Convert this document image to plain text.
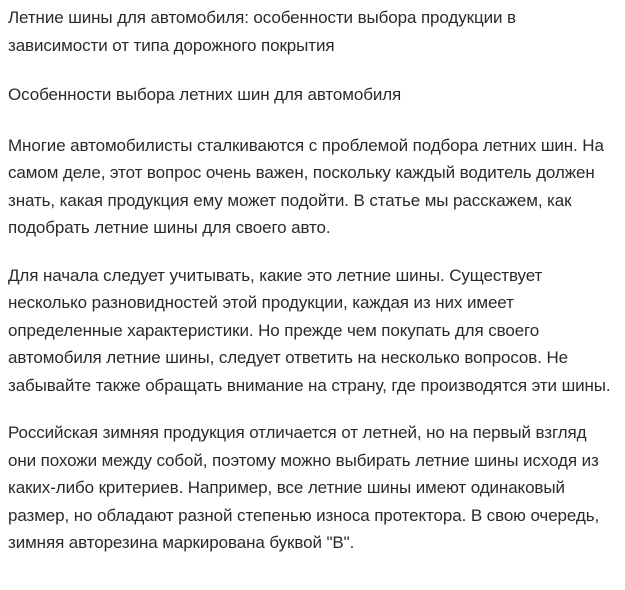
Летние шины для автомобиля: особенности выбора продукции в зависимости от типа дорожного покрытия

Особенности выбора летних шин для автомобиля

Многие автомобилисты сталкиваются с проблемой подбора летних шин. На самом деле, этот вопрос очень важен, поскольку каждый водитель должен знать, какая продукция ему может подойти. В статье мы расскажем, как подобрать летние шины для своего авто.

Для начала следует учитывать, какие это летние шины. Существует несколько разновидностей этой продукции, каждая из них имеет определенные характеристики. Но прежде чем покупать для своего автомобиля летние шины, следует ответить на несколько вопросов. Не забывайте также обращать внимание на страну, где производятся эти шины.

Российская зимняя продукция отличается от летней, но на первый взгляд они похожи между собой, поэтому можно выбирать летние шины исходя из каких-либо критериев. Например, все летние шины имеют одинаковый размер, но обладают разной степенью износа протектора. В свою очередь, зимняя авторезина маркирована буквой "В".
